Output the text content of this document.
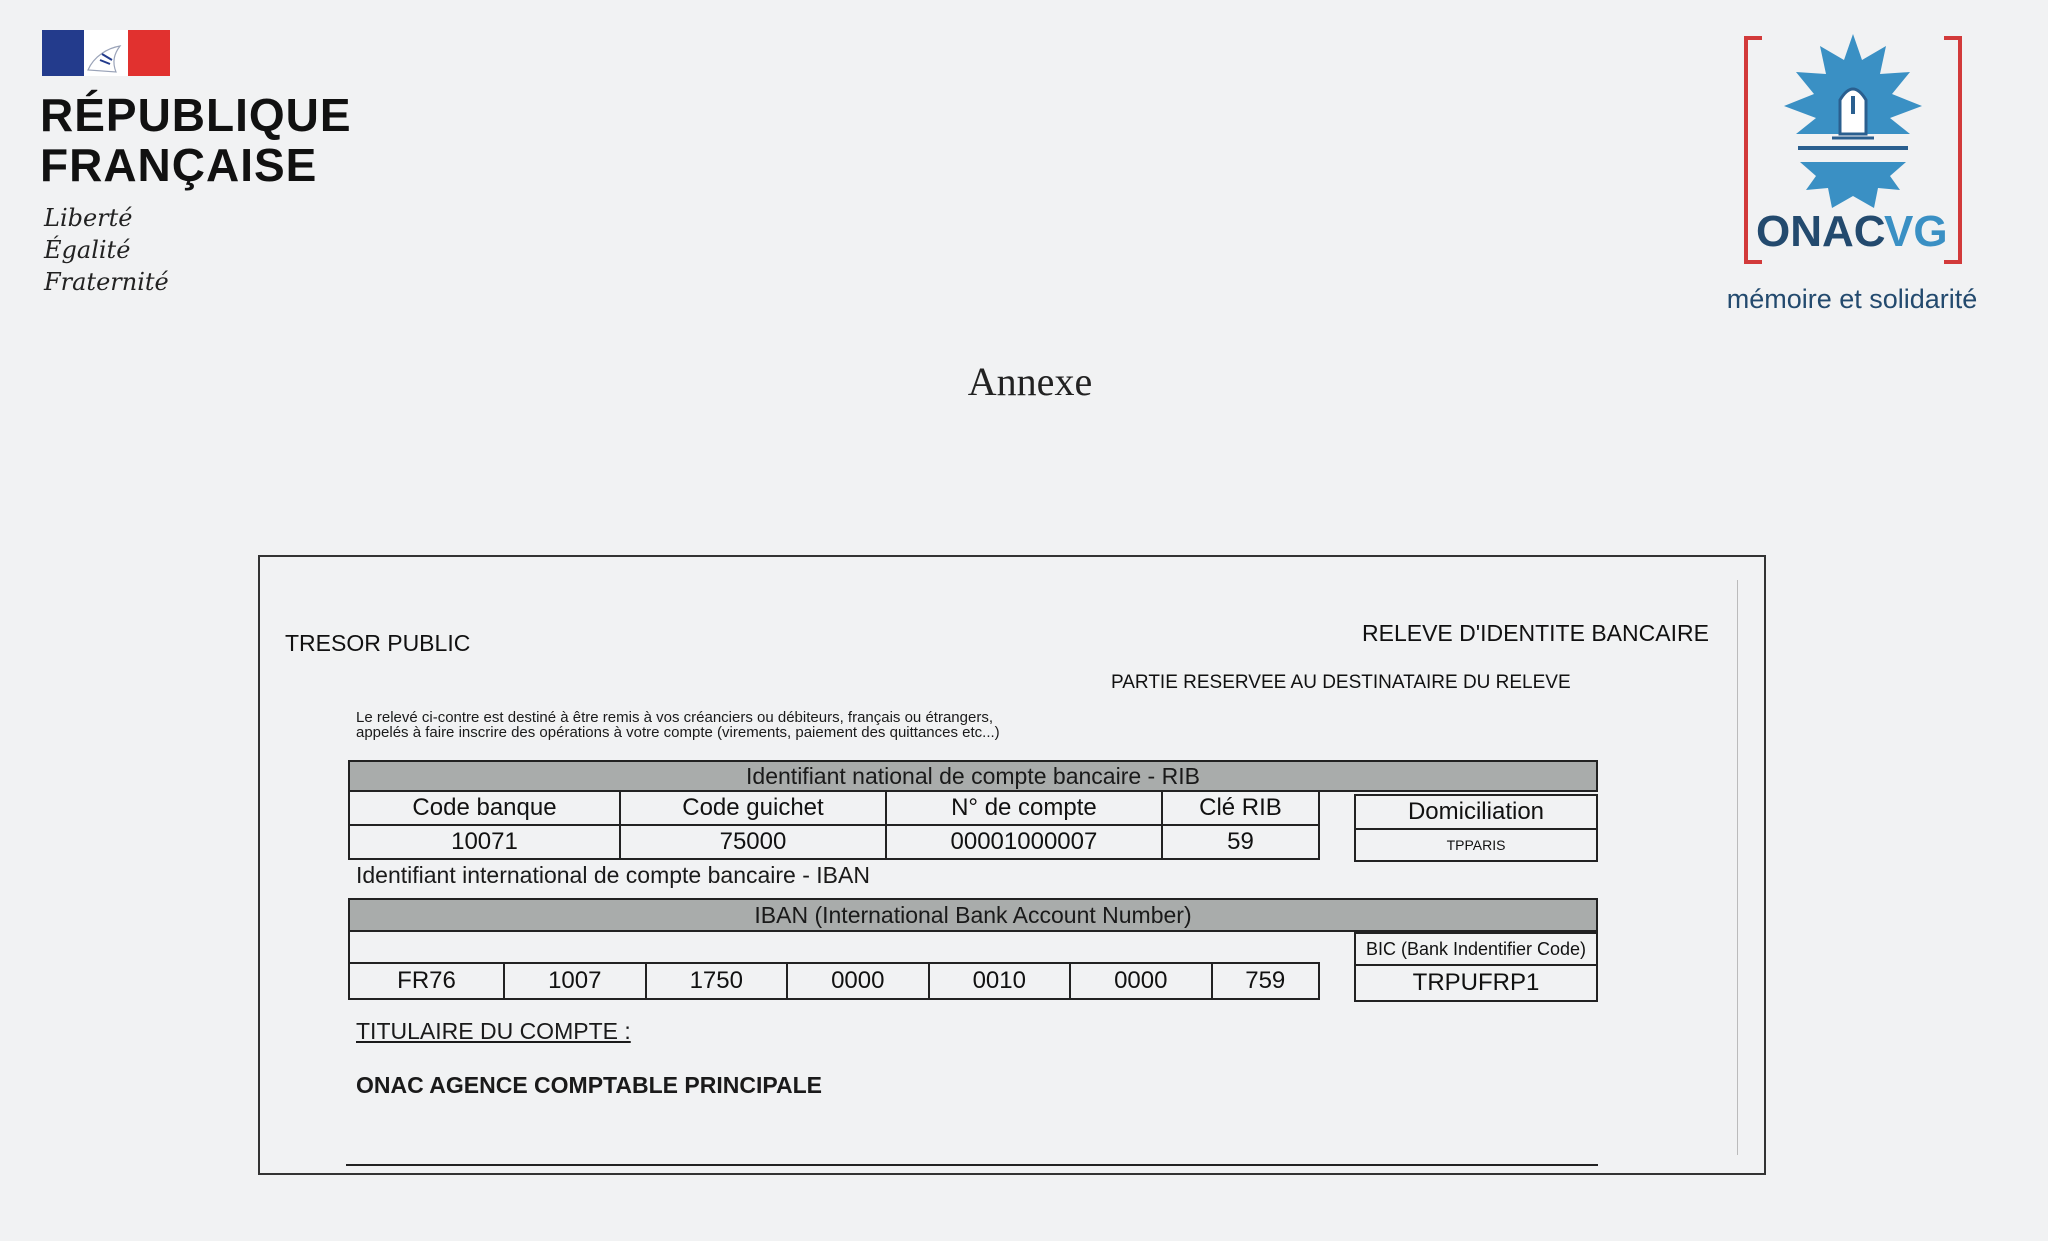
RÉPUBLIQUE
FRANÇAISE
Liberté
Égalité
Fraternité
ONAC
VG
mémoire et solidarité
Annexe
TRESOR PUBLIC	RELEVE D'IDENTITE BANCAIRE
PARTIE RESERVEE AU DESTINATAIRE DU RELEVE
Le relevé ci-contre est destiné à être remis à vos créanciers ou débiteurs, français ou étrangers,
appelés à faire inscrire des opérations à votre compte (virements, paiement des quittances etc...)
Identifiant national de compte bancaire - RIB
Code banque	Code guichet	N° de compte	Clé RIB
10071	75000	00001000007	59
Domiciliation
TPPARIS
Identifiant international de compte bancaire - IBAN
IBAN (International Bank Account Number)
FR76	1007	1750	0000	0010	0000	759
BIC (Bank Indentifier Code)
TRPUFRP1
TITULAIRE DU COMPTE :
ONAC AGENCE COMPTABLE PRINCIPALE
